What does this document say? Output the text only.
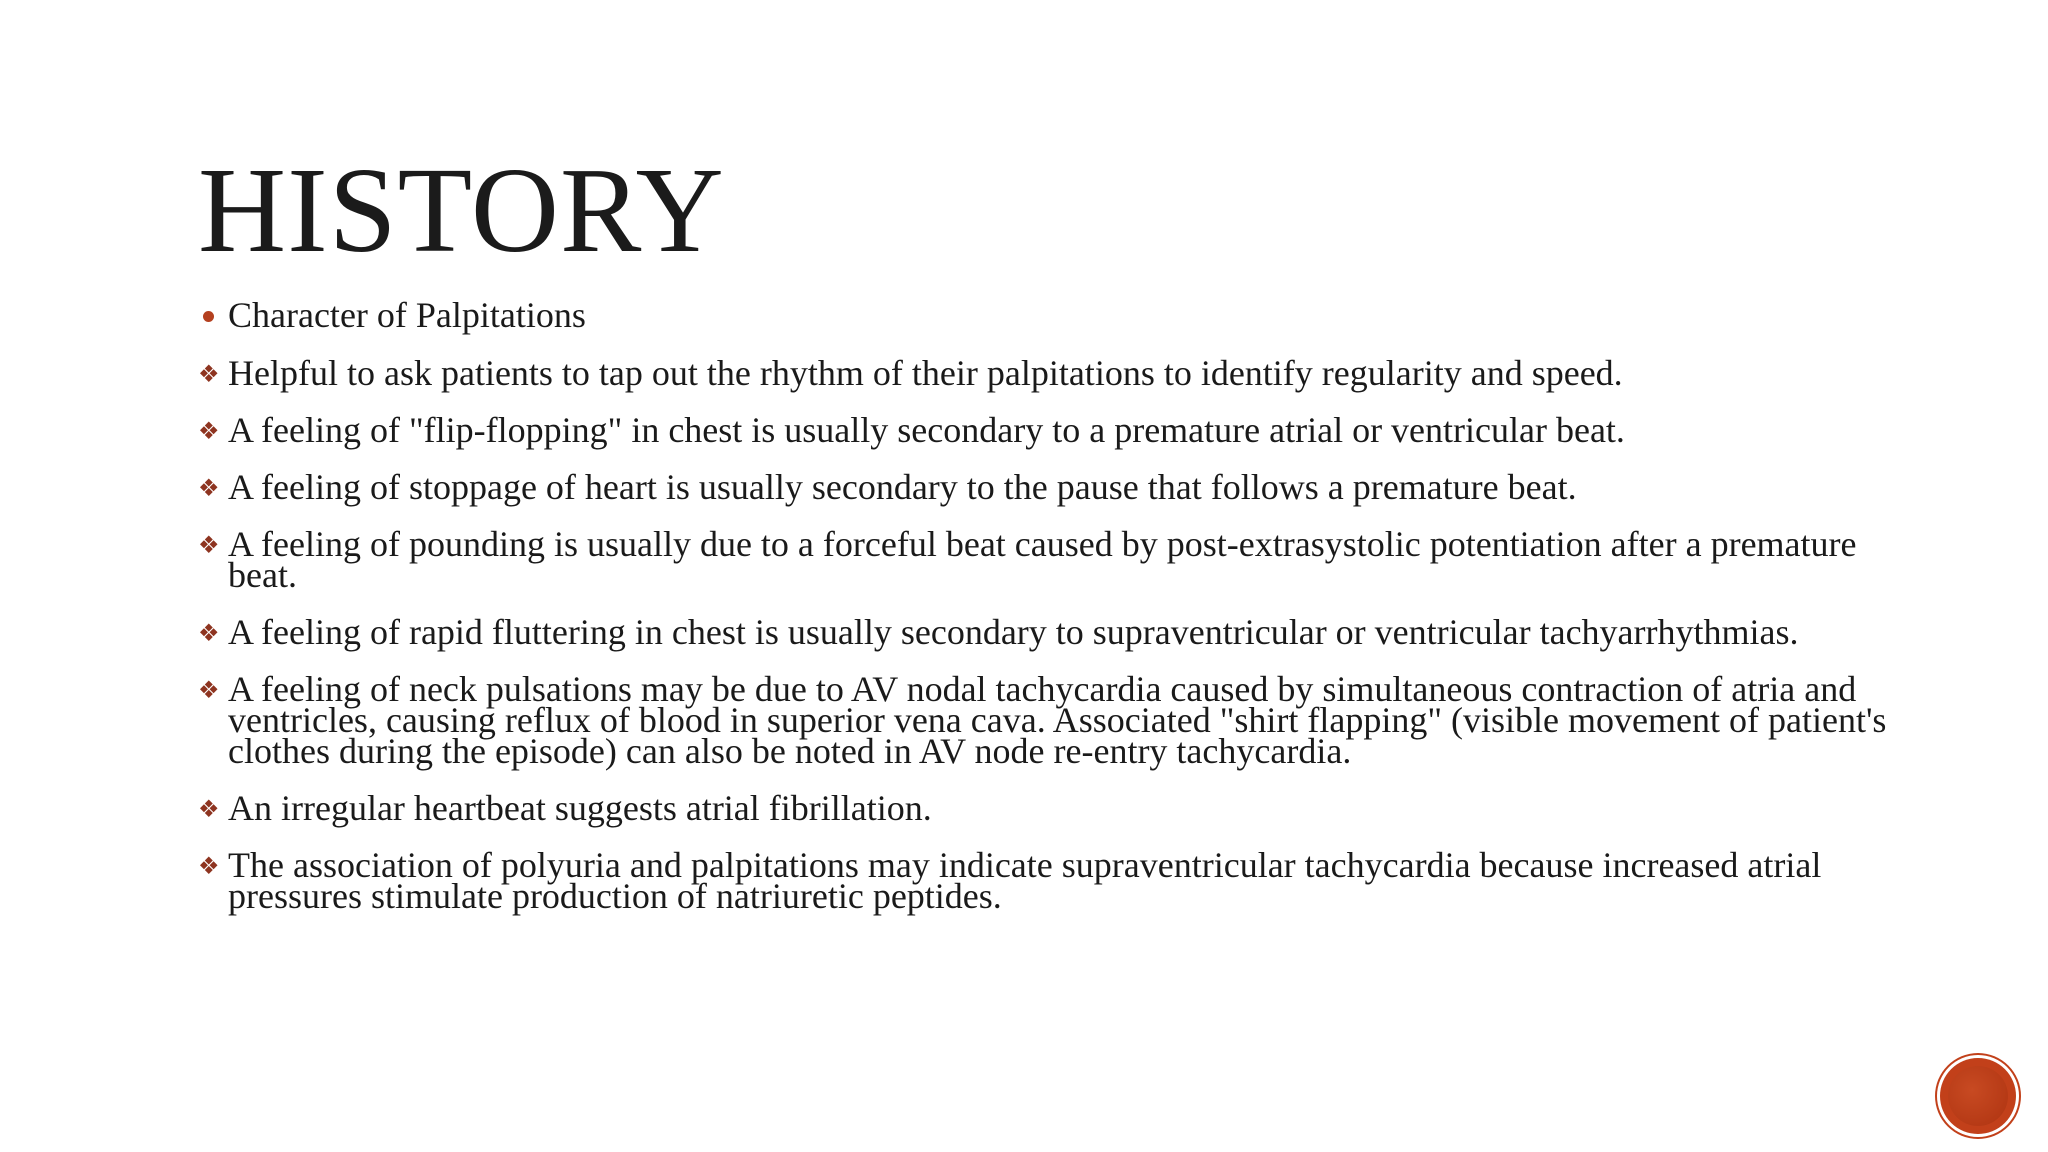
HISTORY
Character of Palpitations
❖ Helpful to ask patients to tap out the rhythm of their palpitations to identify regularity and speed.
❖ A feeling of "flip-flopping" in chest is usually secondary to a premature atrial or ventricular beat.
❖ A feeling of stoppage of heart is usually secondary to the pause that follows a premature beat.
❖ A feeling of pounding is usually due to a forceful beat caused by post-extrasystolic potentiation after a premature beat.
❖ A feeling of rapid fluttering in chest is usually secondary to supraventricular or ventricular tachyarrhythmias.
❖ A feeling of neck pulsations may be due to AV nodal tachycardia caused by simultaneous contraction of atria and ventricles, causing reflux of blood in superior vena cava. Associated "shirt flapping" (visible movement of patient's clothes during the episode) can also be noted in AV node re-entry tachycardia.
❖ An irregular heartbeat suggests atrial fibrillation.
❖ The association of polyuria and palpitations may indicate supraventricular tachycardia because increased atrial pressures stimulate production of natriuretic peptides.
